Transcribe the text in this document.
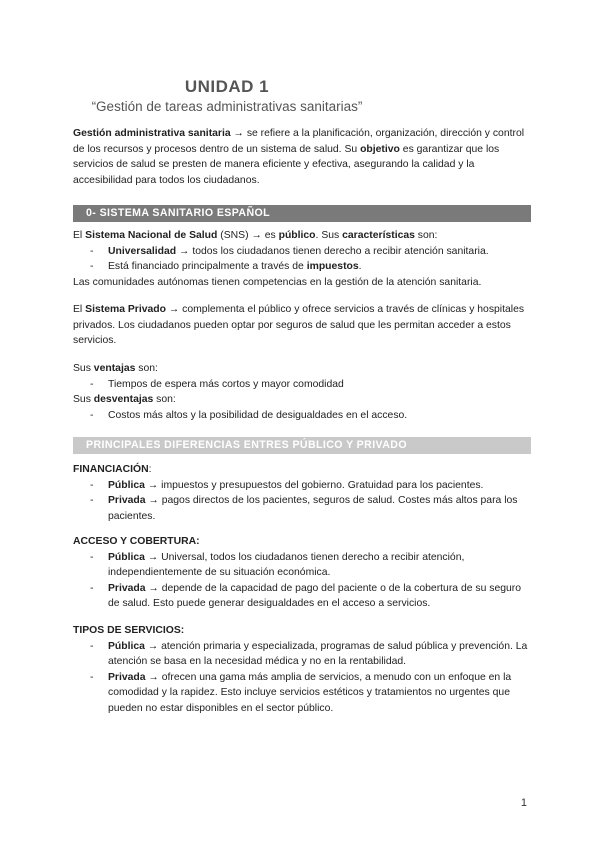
UNIDAD 1
“Gestión de tareas administrativas sanitarias”
Gestión administrativa sanitaria → se refiere a la planificación, organización, dirección y control de los recursos y procesos dentro de un sistema de salud. Su objetivo es garantizar que los servicios de salud se presten de manera eficiente y efectiva, asegurando la calidad y la accesibilidad para todos los ciudadanos.
0- SISTEMA SANITARIO ESPAÑOL

El Sistema Nacional de Salud (SNS) → es público. Sus características son:

- Universalidad → todos los ciudadanos tienen derecho a recibir atención sanitaria.
- Está financiado principalmente a través de impuestos.

Las comunidades autónomas tienen competencias en la gestión de la atención sanitaria.

El Sistema Privado → complementa el público y ofrece servicios a través de clínicas y hospitales privados. Los ciudadanos pueden optar por seguros de salud que les permitan acceder a estos servicios.

Sus ventajas son:

- Tiempos de espera más cortos y mayor comodidad

Sus desventajas son:

- Costos más altos y la posibilidad de desigualdades en el acceso.
PRINCIPALES DIFERENCIAS ENTRES PÚBLICO Y PRIVADO

FINANCIACIÓN:

- Pública → impuestos y presupuestos del gobierno. Gratuidad para los pacientes.
- Privada → pagos directos de los pacientes, seguros de salud. Costes más altos para los pacientes.

ACCESO Y COBERTURA:

- Pública → Universal, todos los ciudadanos tienen derecho a recibir atención, independientemente de su situación económica.
- Privada → depende de la capacidad de pago del paciente o de la cobertura de su seguro de salud. Esto puede generar desigualdades en el acceso a servicios.

TIPOS DE SERVICIOS:

- Pública → atención primaria y especializada, programas de salud pública y prevención. La atención se basa en la necesidad médica y no en la rentabilidad.
- Privada → ofrecen una gama más amplia de servicios, a menudo con un enfoque en la comodidad y la rapidez. Esto incluye servicios estéticos y tratamientos no urgentes que pueden no estar disponibles en el sector público.
1
